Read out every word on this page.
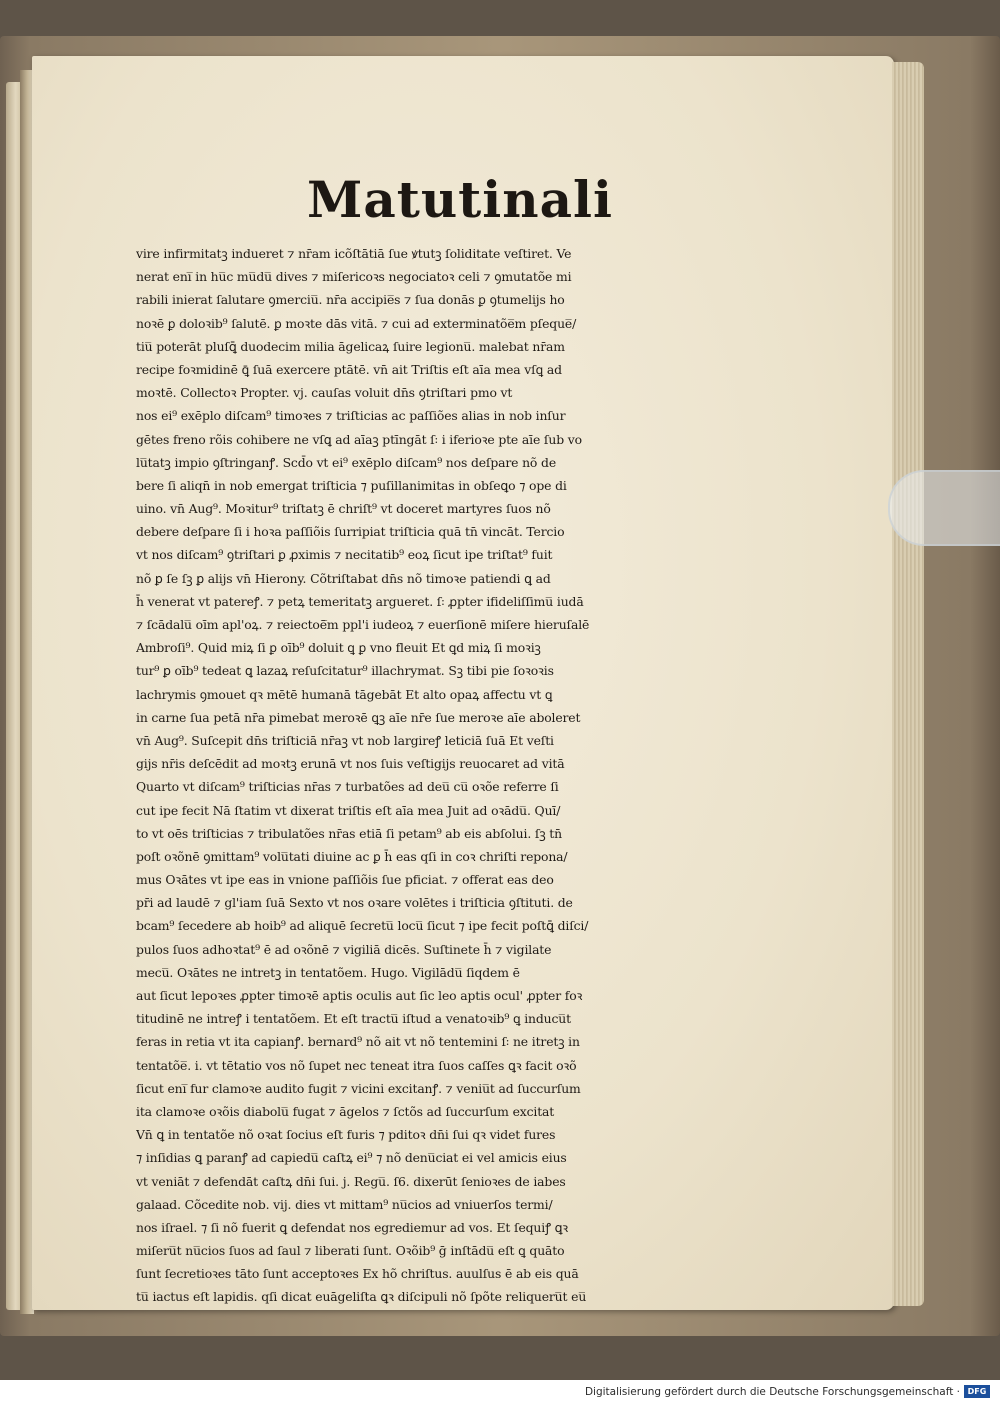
Matutinali
vire infirmitatꝫ indueret ⁊ nr̄am icõſtātiā ſue ꝟtutꝫ ſoliditate veſtiret. Ve
nerat eni̅ in hu̅c mu̅du̅ dives ⁊ miſericoꝛs negociatoꝛ celi ⁊ ꝯmutatõe mi
rabili inierat ſalutare ꝯmerciu̅. nr̄a accipie̅s ⁊ ſua donās ꝑ ꝯtumelijs ho
noꝛē ꝑ doloꝛib⁹ ſalutē. ꝑ moꝛte dās vitā. ⁊ cui ad exterminatõe̅m pſeque̅/
tiu̅ poterāt pluſꝗ̄ duodecim milia āgelicaꝝ ſuire legionu̅. malebat nr̄am
recipe foꝛmidinē ꝗ̄ ſuā exercere ptātē. vn̄ ait Triſtis eſt aīa mea vſꝗ ad
moꝛtē. Collectoꝛ Propter. vj. cauſas voluit dn̄s ꝯtriſtari pmo vt
nos ei⁹ exēplo diſcam⁹ timoꝛes ⁊ triſticias ac paſſiões alias in nob inſur
gētes freno rõis cohibere ne vſꝗ ad aīaꝫ ptīngāt ſ꞉ i iferioꝛe pte aīe ſub vo
lu̅tatꝫ impio ꝯſtringanꝭ. Scd̄o vt ei⁹ exēplo diſcam⁹ nos deſpare nõ de
bere ſi aliqn̄ in nob emergat triſticia ⁊ puſillanimitas in obſeꝗo ⁊ ope di
uino. vn̄ Aug⁹. Moꝛitur⁹ triſtatꝫ ē chriſt⁹ vt doceret martyres ſuos nõ
debere deſpare ſi i hoꝛa paſſiõis ſurripiat triſticia quā tn̄ vincāt. Tercio
vt nos diſcam⁹ ꝯtriſtari ꝑ ꝓximis ⁊ necitatib⁹ eoꝝ ſicut ipe triſtat⁹ fuit
nõ ꝑ ſe ſꝫ ꝑ alijs vn̄ Hierony. Cõtriſtabat dn̄s nõ timoꝛe patiendi ꝗ ad
h̄ venerat vt patereꝭ. ⁊ petꝝ temeritatꝫ argueret. ſ꞉ ꝓpter ifideliſſimu̅ iudā
⁊ ſcādalu̅ oīm apl'oꝝ. ⁊ reiectoē̅m ppl'i iudeoꝝ ⁊ euerſionē miſere hieruſalē
Ambroſi⁹. Quid miꝝ ſi ꝑ oīb⁹ doluit ꝗ ꝑ vno fleuit Et ꝗd miꝝ ſi moꝛiꝫ
tur⁹ ꝑ oīb⁹ tedeat ꝗ lazaꝝ reſuſcitatur⁹ illachrymat. Sꝫ tibi pie ſoꝛoꝛis
lachrymis ꝯmouet qꝛ mētē humanā tāgebāt Et alto opaꝝ affectu vt ꝗ
in carne ſua petā nr̄a pimebat meroꝛē ꝗꝫ aīe nr̄e ſue meroꝛe aīe aboleret
vn̄ Aug⁹. Suſcepit dn̄s triſticiā nr̄aꝫ vt nob largireꝭ leticiā ſuā Et veſti
gijs nr̄is deſcēdit ad moꝛtꝫ erunā vt nos ſuis veſtigijs reuocaret ad vitā
Quarto vt diſcam⁹ triſticias nr̄as ⁊ turbatões ad deu̅ cu̅ oꝛõe referre ſi
cut ipe fecit Nā ſtatim vt dixerat triſtis eſt aīa mea Juit ad oꝛādu̅. Quī/
to vt oēs triſticias ⁊ tribulatões nr̄as etiā ſi petam⁹ ab eis abſolui. ſꝫ tn̄
poſt oꝛõnē ꝯmittam⁹ volu̅tati diuine ac ꝑ h̄ eas qſi in coꝛ chriſti repona/
mus Oꝛātes vt ipe eas in vnione paſſiõis ſue pficiat. ⁊ offerat eas deo
pr̄i ad laudē ⁊ gl'iam ſuā Sexto vt nos oꝛare volētes i triſticia ꝯſtituti. de
bcam⁹ ſecedere ab hoib⁹ ad aliquē ſecretu̅ locu̅ ſicut ⁊ ipe fecit poſtꝗ̄ diſci/
pulos ſuos adhoꝛtat⁹ ē ad oꝛõnē ⁊ vigiliā dicēs. Suſtinete h̄ ⁊ vigilate
mecu̅. Oꝛātes ne intretꝫ in tentatõem. Hugo. Vigilādu̅ ſiqdem ē
aut ſicut lepoꝛes ꝓpter timoꝛē aptis oculis aut ſic leo aptis ocul' ꝓpter foꝛ
titudinē ne intreꝭ i tentatõem. Et eſt tractu̅ iſtud a venatoꝛib⁹ ꝗ inducu̅t
feras in retia vt ita capianꝭ. bernard⁹ nõ ait vt nõ tentemini ſ꞉ ne itretꝫ in
tentatõe̅. i. vt tētatio vos nõ ſupet nec teneat itra ſuos caſſes ꝗꝛ facit oꝛõ
ſicut eni̅ fur clamoꝛe audito fugit ⁊ vicini excitanꝭ. ⁊ veniu̅t ad ſuccurſum
ita clamoꝛe oꝛõis diabolu̅ fugat ⁊ āgelos ⁊ ſctõs ad ſuccurſum excitat
Vn̄ ꝗ in tentatõe nõ oꝛat ſocius eſt furis ⁊ pditoꝛ dn̄i ſui qꝛ videt fures
⁊ inſidias ꝗ paranꝭ ad capiedu̅ caſtꝝ ei⁹ ⁊ nõ denu̅ciat ei vel amicis eius
vt veniāt ⁊ defendāt caſtꝝ dn̄i ſui. j. Regu̅. ſ6. dixerūt ſenioꝛes de iabes
galaad. Cõcedite nob. vij. dies vt mittam⁹ nu̅cios ad vniuerſos termi/
nos iſrael. ⁊ ſi nõ fuerit ꝗ defendat nos egrediemur ad vos. Et ſequiꝭ ꝗꝛ
miſeru̅t nu̅cios ſuos ad ſaul ⁊ liberati ſunt. Oꝛõib⁹ ḡ inſtādu̅ eſt ꝗ quāto
ſunt ſecretioꝛes tāto ſunt acceptoꝛes Ex hõ chriſtus. auulſus ē ab eis quā
tu̅ iactus eſt lapidis. qſi dicat euāgeliſta ꝗꝛ diſcipuli nõ ſpõte reliqueru̅t eu̅
Digitalisierung gefördert durch die Deutsche Forschungsgemeinschaft · DFG
